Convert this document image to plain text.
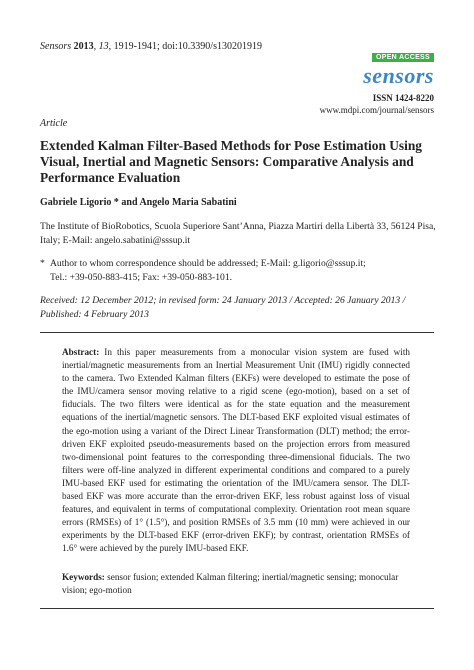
Sensors 2013, 13, 1919-1941; doi:10.3390/s130201919
OPEN ACCESS
sensors
ISSN 1424-8220
www.mdpi.com/journal/sensors
Article
Extended Kalman Filter-Based Methods for Pose Estimation Using Visual, Inertial and Magnetic Sensors: Comparative Analysis and Performance Evaluation
Gabriele Ligorio * and Angelo Maria Sabatini
The Institute of BioRobotics, Scuola Superiore Sant’Anna, Piazza Martiri della Libertà 33, 56124 Pisa, Italy; E-Mail: angelo.sabatini@sssup.it
* Author to whom correspondence should be addressed; E-Mail: g.ligorio@sssup.it;
Tel.: +39-050-883-415; Fax: +39-050-883-101.
Received: 12 December 2012; in revised form: 24 January 2013 / Accepted: 26 January 2013 / Published: 4 February 2013
Abstract: In this paper measurements from a monocular vision system are fused with inertial/magnetic measurements from an Inertial Measurement Unit (IMU) rigidly connected to the camera. Two Extended Kalman filters (EKFs) were developed to estimate the pose of the IMU/camera sensor moving relative to a rigid scene (ego-motion), based on a set of fiducials. The two filters were identical as for the state equation and the measurement equations of the inertial/magnetic sensors. The DLT-based EKF exploited visual estimates of the ego-motion using a variant of the Direct Linear Transformation (DLT) method; the error-driven EKF exploited pseudo-measurements based on the projection errors from measured two-dimensional point features to the corresponding three-dimensional fiducials. The two filters were off-line analyzed in different experimental conditions and compared to a purely IMU-based EKF used for estimating the orientation of the IMU/camera sensor. The DLT-based EKF was more accurate than the error-driven EKF, less robust against loss of visual features, and equivalent in terms of computational complexity. Orientation root mean square errors (RMSEs) of 1° (1.5°), and position RMSEs of 3.5 mm (10 mm) were achieved in our experiments by the DLT-based EKF (error-driven EKF); by contrast, orientation RMSEs of 1.6° were achieved by the purely IMU-based EKF.
Keywords: sensor fusion; extended Kalman filtering; inertial/magnetic sensing; monocular vision; ego-motion
